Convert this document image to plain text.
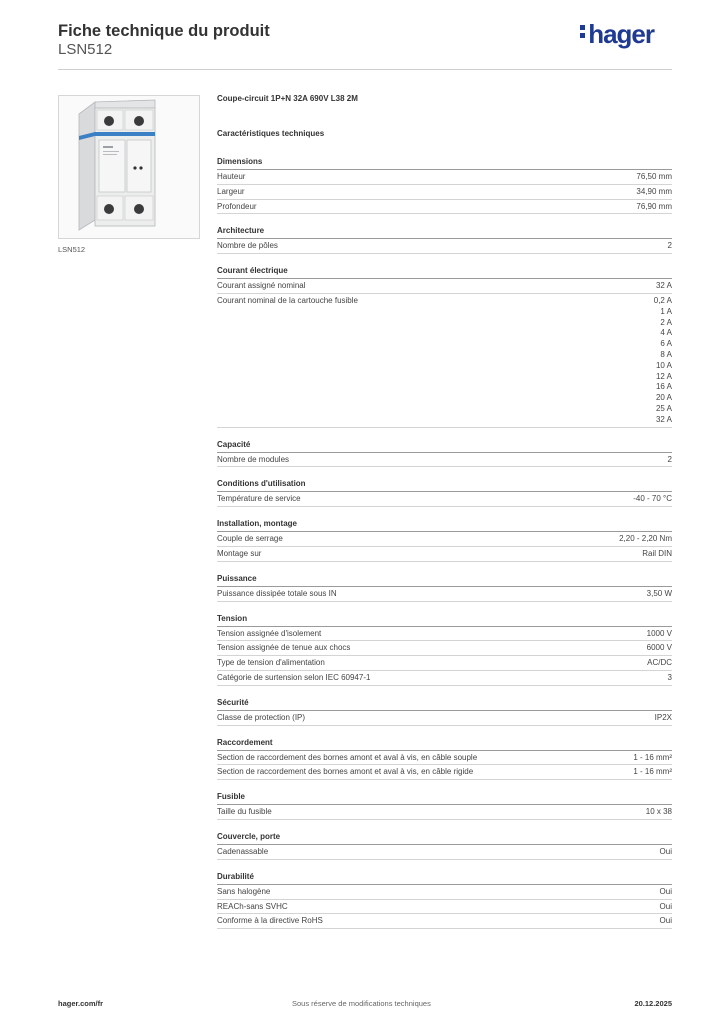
Fiche technique du produit
LSN512
hager
LSN512
Coupe-circuit 1P+N 32A 690V L38 2M
Caractéristiques techniques
Dimensions
Hauteur	76,50 mm
Largeur	34,90 mm
Profondeur	76,90 mm
Architecture
Nombre de pôles	2
Courant électrique
Courant assigné nominal	32 A
Courant nominal de la cartouche fusible	0,2 A
1 A
2 A
4 A
6 A
8 A
10 A
12 A
16 A
20 A
25 A
32 A
Capacité
Nombre de modules	2
Conditions d'utilisation
Température de service	-40 - 70 °C
Installation, montage
Couple de serrage	2,20 - 2,20 Nm
Montage sur	Rail DIN
Puissance
Puissance dissipée totale sous IN	3,50 W
Tension
Tension assignée d'isolement	1000 V
Tension assignée de tenue aux chocs	6000 V
Type de tension d'alimentation	AC/DC
Catégorie de surtension selon IEC 60947-1	3
Sécurité
Classe de protection (IP)	IP2X
Raccordement
Section de raccordement des bornes amont et aval à vis, en câble souple	1 - 16 mm²
Section de raccordement des bornes amont et aval à vis, en câble rigide	1 - 16 mm²
Fusible
Taille du fusible	10 x 38
Couvercle, porte
Cadenassable	Oui
Durabilité
Sans halogène	Oui
REACh-sans SVHC	Oui
Conforme à la directive RoHS	Oui
hager.com/fr	Sous réserve de modifications techniques	20.12.2025
